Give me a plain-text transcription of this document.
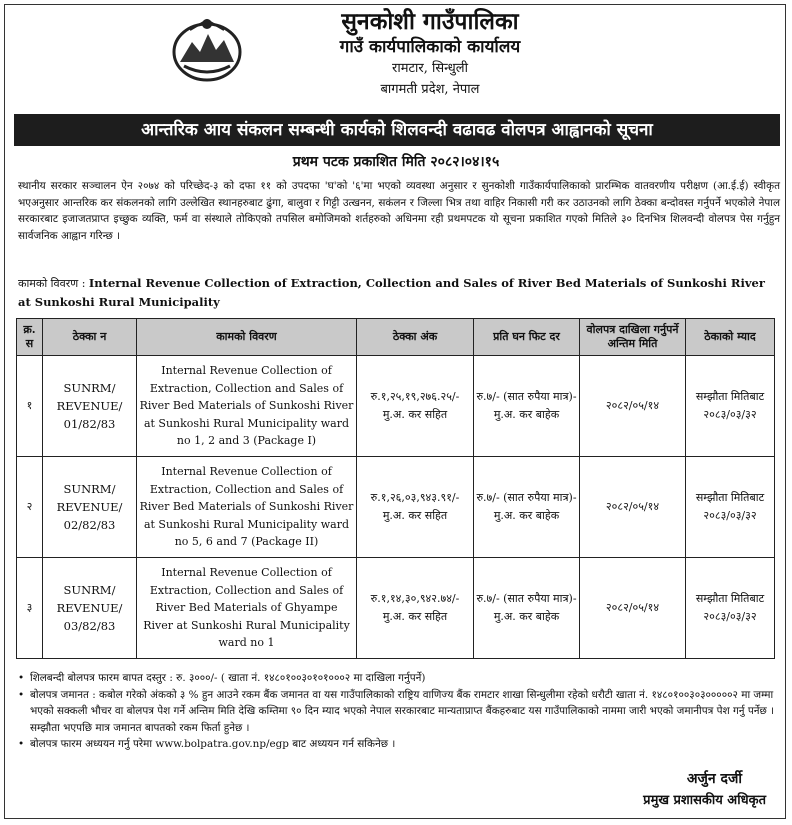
सुनकोशी गाउँपालिका
गाउँ कार्यपालिकाको कार्यालय
रामटार, सिन्धुली
बागमती प्रदेश, नेपाल
आन्तरिक आय संकलन सम्बन्धी कार्यको शिलवन्दी वढावढ वोलपत्र आह्वानको सूचना
प्रथम पटक प्रकाशित मिति २०८२।०४।१५
स्थानीय सरकार सञ्चालन ऐन २०७४ को परिच्छेद-३ को दफा ११ को उपदफा 'घ'को '६'मा भएको व्यवस्था अनुसार र सुनकोशी गाउँकार्यपालिकाको प्रारम्भिक वातवरणीय परीक्षण (आ.ई.ई) स्वीकृत भएअनुसार आन्तरिक कर संकलनको लागि उल्लेखित स्थानहरुबाट ढुंगा, बालुवा र गिट्टी उत्खनन, सकंलन र जिल्ला भित्र तथा वाहिर निकासी गरी कर उठाउनको लागि ठेक्का बन्दोवस्त गर्नुपर्ने भएकोले नेपाल सरकारबाट इजाजतप्राप्त इच्छुक व्यक्ति, फर्म वा संस्थाले तोकिएको तपसिल बमोजिमको शर्तहरुको अधिनमा रही प्रथमपटक यो सूचना प्रकाशित गएको मितिले ३० दिनभित्र शिलवन्दी वोलपत्र पेस गर्नुहुन सार्वजनिक आह्वान गरिन्छ ।
कामको विवरण : Internal Revenue Collection of Extraction, Collection and Sales of River Bed Materials of Sunkoshi River at Sunkoshi Rural Municipality
क्र. स	ठेक्का न	कामको विवरण	ठेक्का अंक	प्रति घन फिट दर	वोलपत्र दाखिला गर्नुपर्ने अन्तिम मिति	ठेकाको म्याद
१	SUNRM/ REVENUE/ 01/82/83	Internal Revenue Collection of Extraction, Collection and Sales of River Bed Materials of Sunkoshi River at Sunkoshi Rural Municipality ward no 1, 2 and 3 (Package I)	रु.१,२५,१९,२७६.२५/- मु.अ. कर सहित	रु.७/- (सात रुपैया मात्र)- मु.अ. कर बाहेक	२०८२/०५/१४	सम्झौता मितिबाट २०८३/०३/३२
२	SUNRM/ REVENUE/ 02/82/83	Internal Revenue Collection of Extraction, Collection and Sales of River Bed Materials of Sunkoshi River at Sunkoshi Rural Municipality ward no 5, 6 and 7 (Package II)	रु.१,२६,०३,९४३.९१/- मु.अ. कर सहित	रु.७/- (सात रुपैया मात्र)- मु.अ. कर बाहेक	२०८२/०५/१४	सम्झौता मितिबाट २०८३/०३/३२
३	SUNRM/ REVENUE/ 03/82/83	Internal Revenue Collection of Extraction, Collection and Sales of River Bed Materials of Ghyampe River at Sunkoshi Rural Municipality ward no 1	रु.१,१४,३०,९४२.७४/- मु.अ. कर सहित	रु.७/- (सात रुपैया मात्र)- मु.अ. कर बाहेक	२०८२/०५/१४	सम्झौता मितिबाट २०८३/०३/३२
• शिलबन्दी बोलपत्र फारम बापत दस्तुर : रु. ३०००/- ( खाता नं. १४८०१००३०१०१०००२ मा दाखिला गर्नुपर्ने)
• बोलपत्र जमानत : कबोल गरेको अंकको ३ % हुन आउने रकम बैंक जमानत वा यस गाउँपालिकाको राष्ट्रिय वाणिज्य बैंक रामटार शाखा सिन्धुलीमा रहेको धरौटी खाता नं. १४८०१००३०३०००००२ मा जम्मा भएको सक्कली भौचर वा बोलपत्र पेश गर्ने अन्तिम मिति देखि कम्तिमा ९० दिन म्याद भएको नेपाल सरकारबाट मान्यताप्राप्त बैंकहरुबाट यस गाउँपालिकाको नाममा जारी भएको जमानीपत्र पेश गर्नु पर्नेछ । सम्झौता भएपछि मात्र जमानत बापतको रकम फिर्ता हुनेछ ।
• बोलपत्र फारम अध्ययन गर्नु परेमा www.bolpatra.gov.np/egp बाट अध्ययन गर्न सकिनेछ ।
अर्जुन दर्जी
प्रमुख प्रशासकीय अधिकृत
